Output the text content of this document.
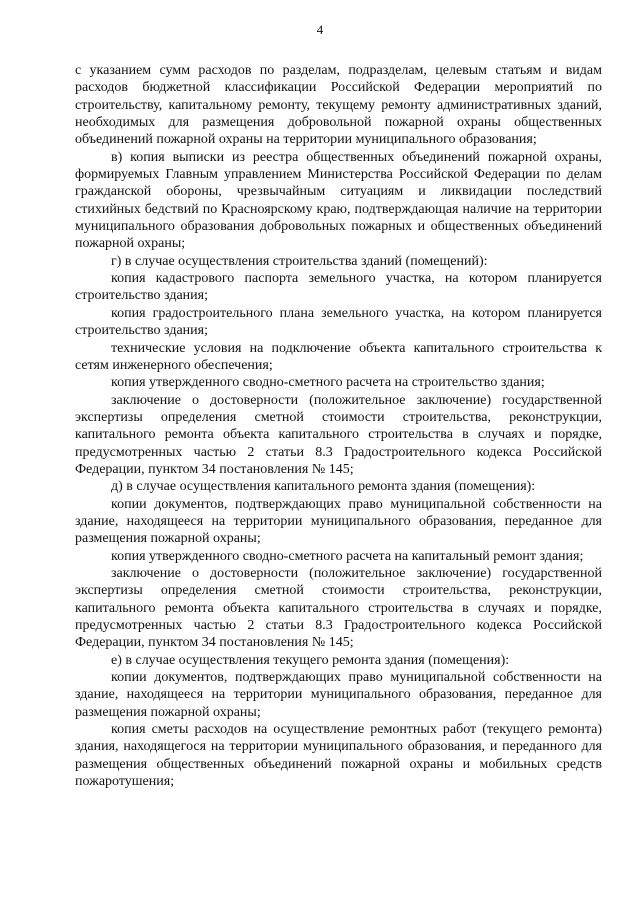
4

с указанием сумм расходов по разделам, подразделам, целевым статьям и видам расходов бюджетной классификации Российской Федерации мероприятий по строительству, капитальному ремонту, текущему ремонту административных зданий, необходимых для размещения добровольной пожарной охраны общественных объединений пожарной охраны на территории муниципального образования;

в) копия выписки из реестра общественных объединений пожарной охраны, формируемых Главным управлением Министерства Российской Федерации по делам гражданской обороны, чрезвычайным ситуациям и ликвидации последствий стихийных бедствий по Красноярскому краю, подтверждающая наличие на территории муниципального образования добровольных пожарных и общественных объединений пожарной охраны;

г) в случае осуществления строительства зданий (помещений):

копия кадастрового паспорта земельного участка, на котором планируется строительство здания;

копия градостроительного плана земельного участка, на котором планируется строительство здания;

технические условия на подключение объекта капитального строительства к сетям инженерного обеспечения;

копия утвержденного сводно-сметного расчета на строительство здания;

заключение о достоверности (положительное заключение) государственной экспертизы определения сметной стоимости строительства, реконструкции, капитального ремонта объекта капитального строительства в случаях и порядке, предусмотренных частью 2 статьи 8.3 Градостроительного кодекса Российской Федерации, пунктом 34 постановления № 145;

д) в случае осуществления капитального ремонта здания (помещения):

копии документов, подтверждающих право муниципальной собственности на здание, находящееся на территории муниципального образования, переданное для размещения пожарной охраны;

копия утвержденного сводно-сметного расчета на капитальный ремонт здания;

заключение о достоверности (положительное заключение) государственной экспертизы определения сметной стоимости строительства, реконструкции, капитального ремонта объекта капитального строительства в случаях и порядке, предусмотренных частью 2 статьи 8.3 Градостроительного кодекса Российской Федерации, пунктом 34 постановления № 145;

е) в случае осуществления текущего ремонта здания (помещения):

копии документов, подтверждающих право муниципальной собственности на здание, находящееся на территории муниципального образования, переданное для размещения пожарной охраны;

копия сметы расходов на осуществление ремонтных работ (текущего ремонта) здания, находящегося на территории муниципального образования, и переданного для размещения общественных объединений пожарной охраны и мобильных средств пожаротушения;
